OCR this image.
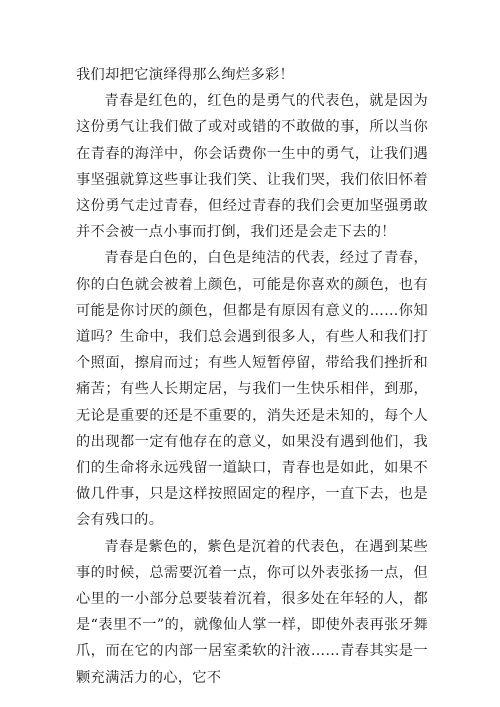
我们却把它演绎得那么绚烂多彩！

青春是红色的，红色的是勇气的代表色，就是因为这份勇气让我们做了或对或错的不敢做的事，所以当你在青春的海洋中，你会话费你一生中的勇气，让我们遇事坚强就算这些事让我们笑、让我们哭，我们依旧怀着这份勇气走过青春，但经过青春的我们会更加坚强勇敢并不会被一点小事而打倒，我们还是会走下去的！

青春是白色的，白色是纯洁的代表，经过了青春，你的白色就会被着上颜色，可能是你喜欢的颜色，也有可能是你讨厌的颜色，但都是有原因有意义的……你知道吗？生命中，我们总会遇到很多人，有些人和我们打个照面，擦肩而过；有些人短暂停留，带给我们挫折和痛苦；有些人长期定居，与我们一生快乐相伴，到那，无论是重要的还是不重要的，消失还是未知的，每个人的出现都一定有他存在的意义，如果没有遇到他们，我们的生命将永远残留一道缺口，青春也是如此，如果不做几件事，只是这样按照固定的程序，一直下去，也是会有残口的。

青春是紫色的，紫色是沉着的代表色，在遇到某些事的时候，总需要沉着一点，你可以外表张扬一点，但心里的一小部分总要装着沉着，很多处在年轻的人，都是“表里不一”的，就像仙人掌一样，即使外表再张牙舞爪，而在它的内部一居室柔软的汁液……青春其实是一颗充满活力的心，它不
